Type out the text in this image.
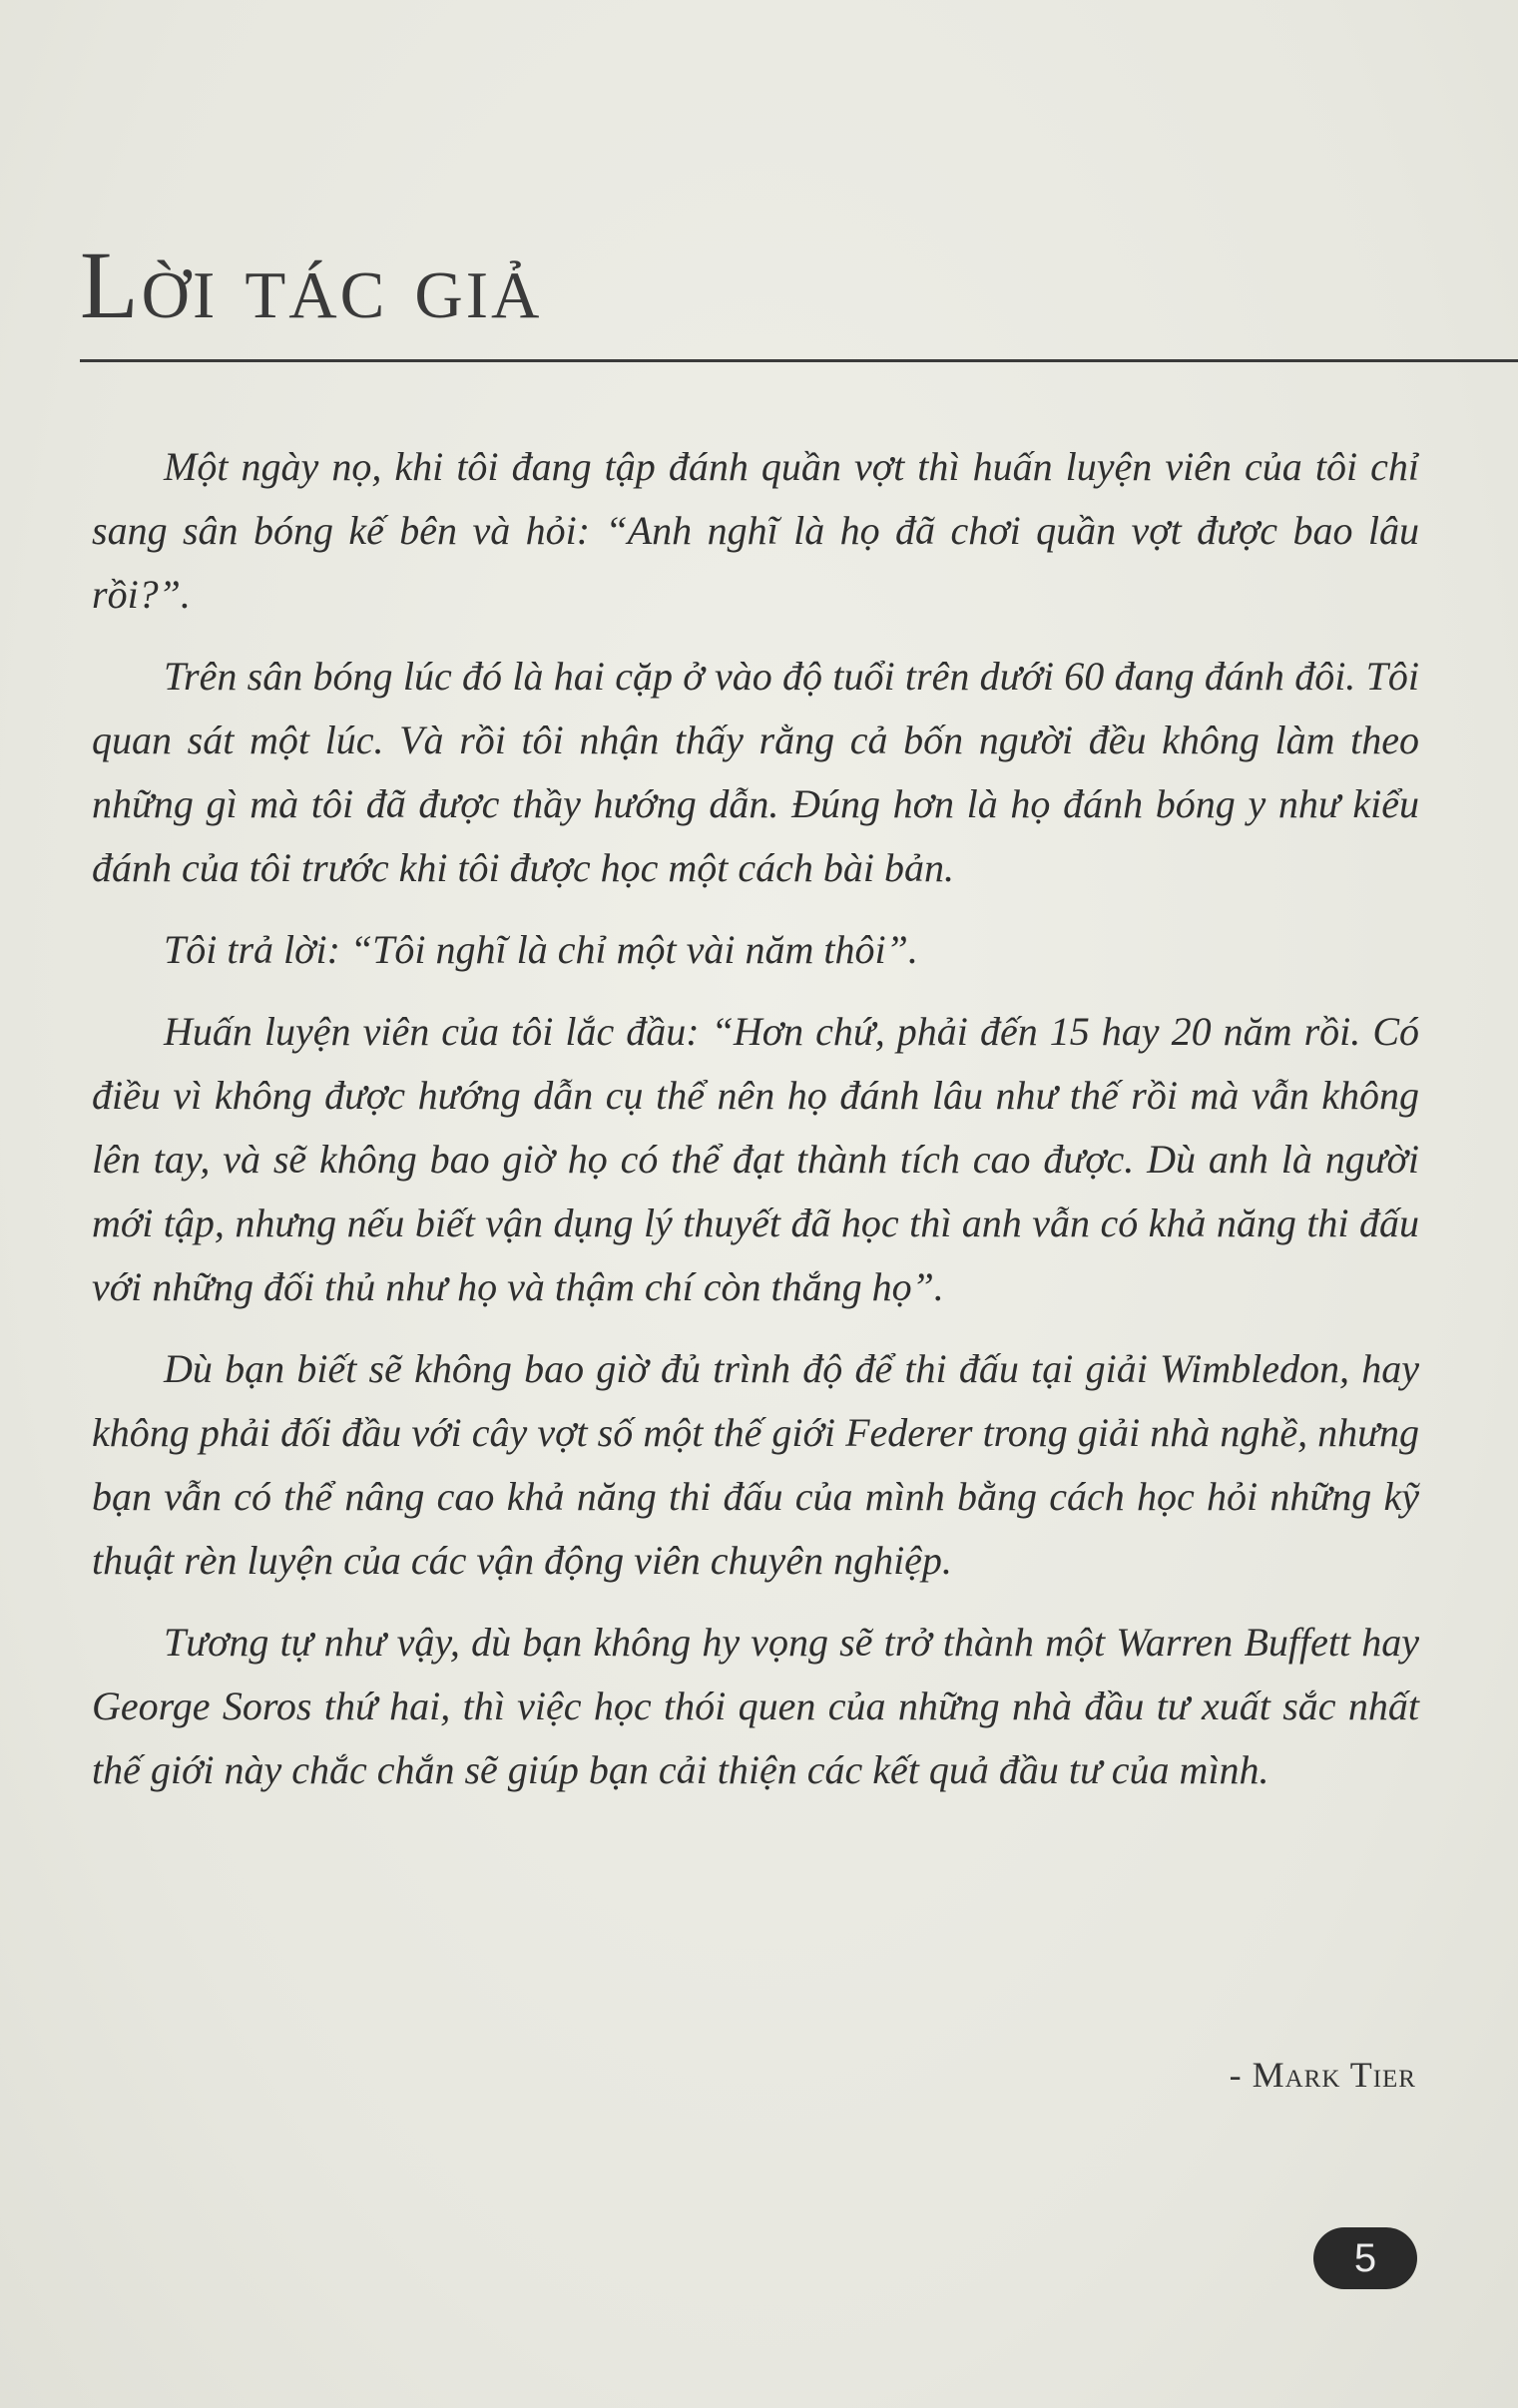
Lời tác giả

Một ngày nọ, khi tôi đang tập đánh quần vợt thì huấn luyện viên của tôi chỉ sang sân bóng kế bên và hỏi: “Anh nghĩ là họ đã chơi quần vợt được bao lâu rồi?”.

Trên sân bóng lúc đó là hai cặp ở vào độ tuổi trên dưới 60 đang đánh đôi. Tôi quan sát một lúc. Và rồi tôi nhận thấy rằng cả bốn người đều không làm theo những gì mà tôi đã được thầy hướng dẫn. Đúng hơn là họ đánh bóng y như kiểu đánh của tôi trước khi tôi được học một cách bài bản.

Tôi trả lời: “Tôi nghĩ là chỉ một vài năm thôi”.

Huấn luyện viên của tôi lắc đầu: “Hơn chứ, phải đến 15 hay 20 năm rồi. Có điều vì không được hướng dẫn cụ thể nên họ đánh lâu như thế rồi mà vẫn không lên tay, và sẽ không bao giờ họ có thể đạt thành tích cao được. Dù anh là người mới tập, nhưng nếu biết vận dụng lý thuyết đã học thì anh vẫn có khả năng thi đấu với những đối thủ như họ và thậm chí còn thắng họ”.

Dù bạn biết sẽ không bao giờ đủ trình độ để thi đấu tại giải Wimbledon, hay không phải đối đầu với cây vợt số một thế giới Federer trong giải nhà nghề, nhưng bạn vẫn có thể nâng cao khả năng thi đấu của mình bằng cách học hỏi những kỹ thuật rèn luyện của các vận động viên chuyên nghiệp.

Tương tự như vậy, dù bạn không hy vọng sẽ trở thành một Warren Buffett hay George Soros thứ hai, thì việc học thói quen của những nhà đầu tư xuất sắc nhất thế giới này chắc chắn sẽ giúp bạn cải thiện các kết quả đầu tư của mình.

- Mark Tier
5
